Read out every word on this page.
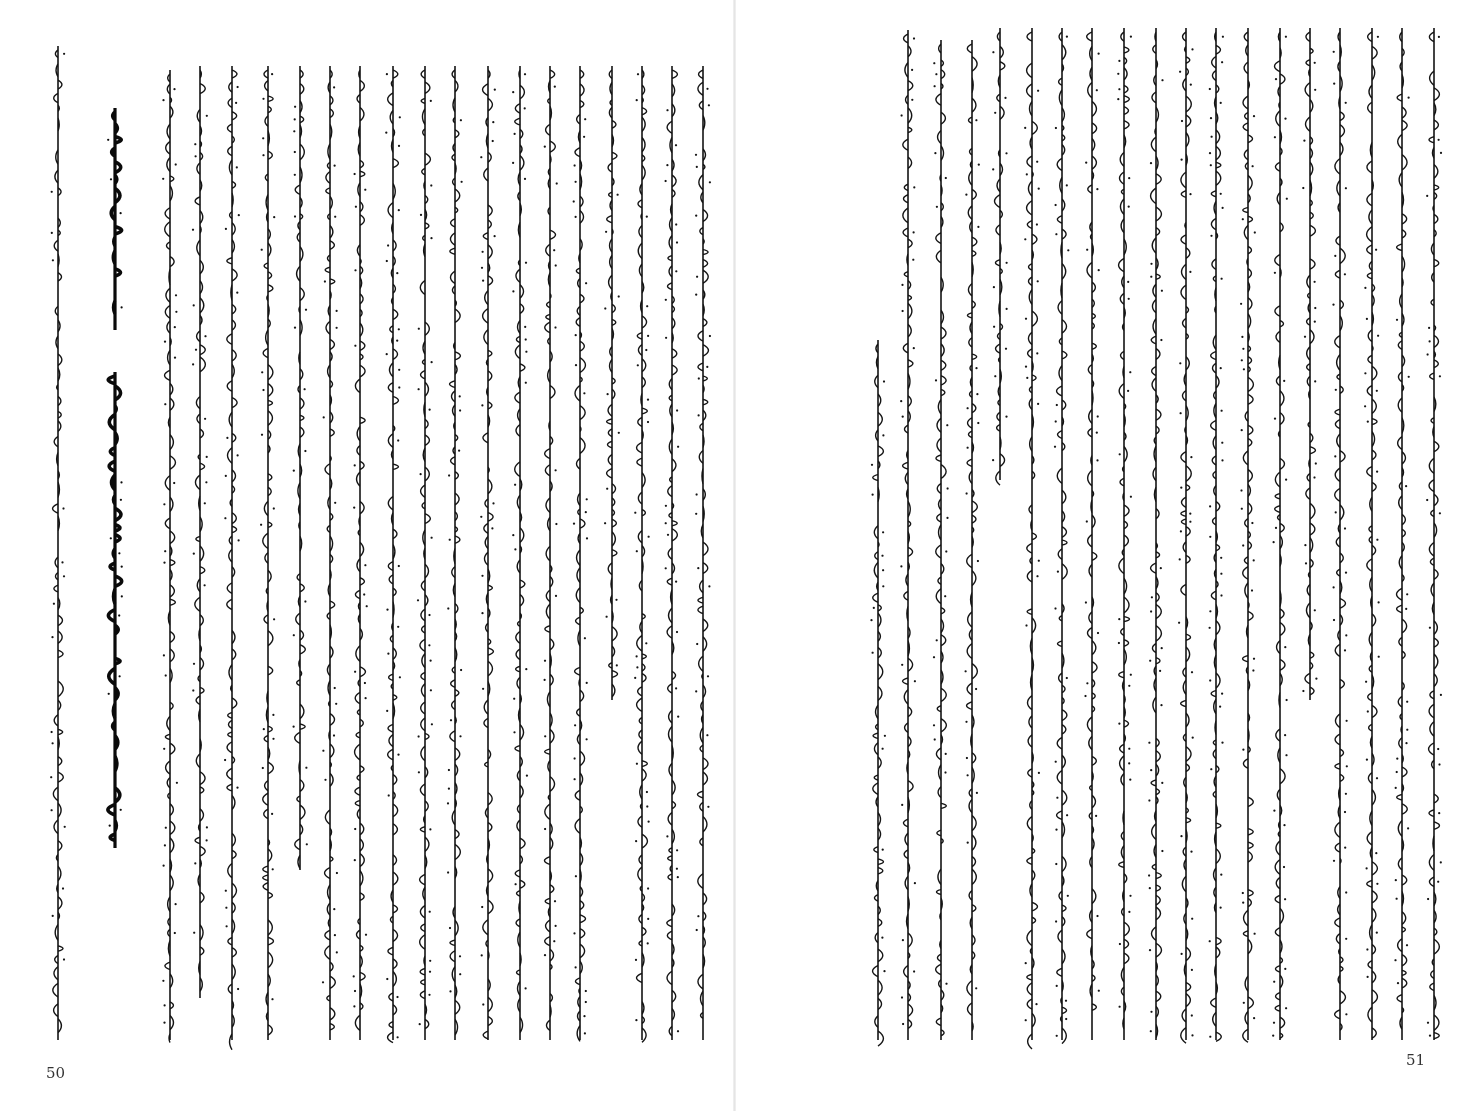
50
51
